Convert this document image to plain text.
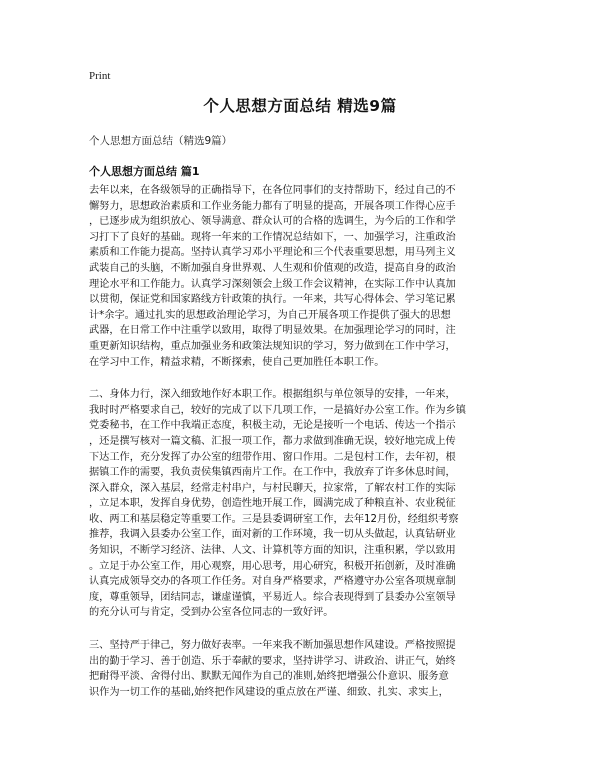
Print
个人思想方面总结 精选9篇
个人思想方面总结（精选9篇）
个人思想方面总结 篇1
去年以来，在各级领导的正确指导下，在各位同事们的支持帮助下，经过自己的不
懈努力，思想政治素质和工作业务能力都有了明显的提高，开展各项工作得心应手
，已逐步成为组织放心、领导满意、群众认可的合格的选调生，为今后的工作和学
习打下了良好的基础。现将一年来的工作情况总结如下，一、加强学习，注重政治
素质和工作能力提高。坚持认真学习邓小平理论和三个代表重要思想，用马列主义
武装自己的头脑，不断加强自身世界观、人生观和价值观的改造，提高自身的政治
理论水平和工作能力。认真学习深刻领会上级工作会议精神，在实际工作中认真加
以贯彻，保证党和国家路线方针政策的执行。一年来，共写心得体会、学习笔记累
计*余字。通过扎实的思想政治理论学习，为自己开展各项工作提供了强大的思想
武器，在日常工作中注重学以致用，取得了明显效果。在加强理论学习的同时，注
重更新知识结构，重点加强业务和政策法规知识的学习，努力做到在工作中学习，
在学习中工作，精益求精，不断探索，使自己更加胜任本职工作。
二、身体力行，深入细致地作好本职工作。根据组织与单位领导的安排，一年来，
我时时严格要求自己，较好的完成了以下几项工作，一是搞好办公室工作。作为乡镇
党委秘书，在工作中我端正态度，积极主动，无论是接听一个电话、传达一个指示
，还是撰写核对一篇文稿、汇报一项工作，都力求做到准确无误，较好地完成上传
下达工作，充分发挥了办公室的纽带作用、窗口作用。二是包村工作，去年初，根
据镇工作的需要，我负责侯集镇西南片工作。在工作中，我放弃了许多休息时间，
深入群众，深入基层，经常走村串户，与村民聊天，拉家常，了解农村工作的实际
，立足本职，发挥自身优势，创造性地开展工作，圆满完成了种粮直补、农业税征
收、两工和基层稳定等重要工作。三是县委调研室工作，去年12月份，经组织考察
推荐，我调入县委办公室工作，面对新的工作环境，我一切从头做起，认真钻研业
务知识，不断学习经济、法律、人文、计算机等方面的知识，注重积累，学以致用
。立足于办公室工作，用心观察，用心思考，用心研究，积极开拓创新，及时准确
认真完成领导交办的各项工作任务。对自身严格要求，严格遵守办公室各项规章制
度，尊重领导，团结同志，谦虚谨慎，平易近人。综合表现得到了县委办公室领导
的充分认可与肯定，受到办公室各位同志的一致好评。
三、坚持严于律己，努力做好表率。一年来我不断加强思想作风建设。严格按照提
出的勤于学习、善于创造、乐于奉献的要求，坚持讲学习、讲政治、讲正气，始终
把耐得平淡、舍得付出、默默无闻作为自己的准则,始终把增强公仆意识、服务意
识作为一切工作的基础,始终把作风建设的重点放在严谨、细致、扎实、求实上，
